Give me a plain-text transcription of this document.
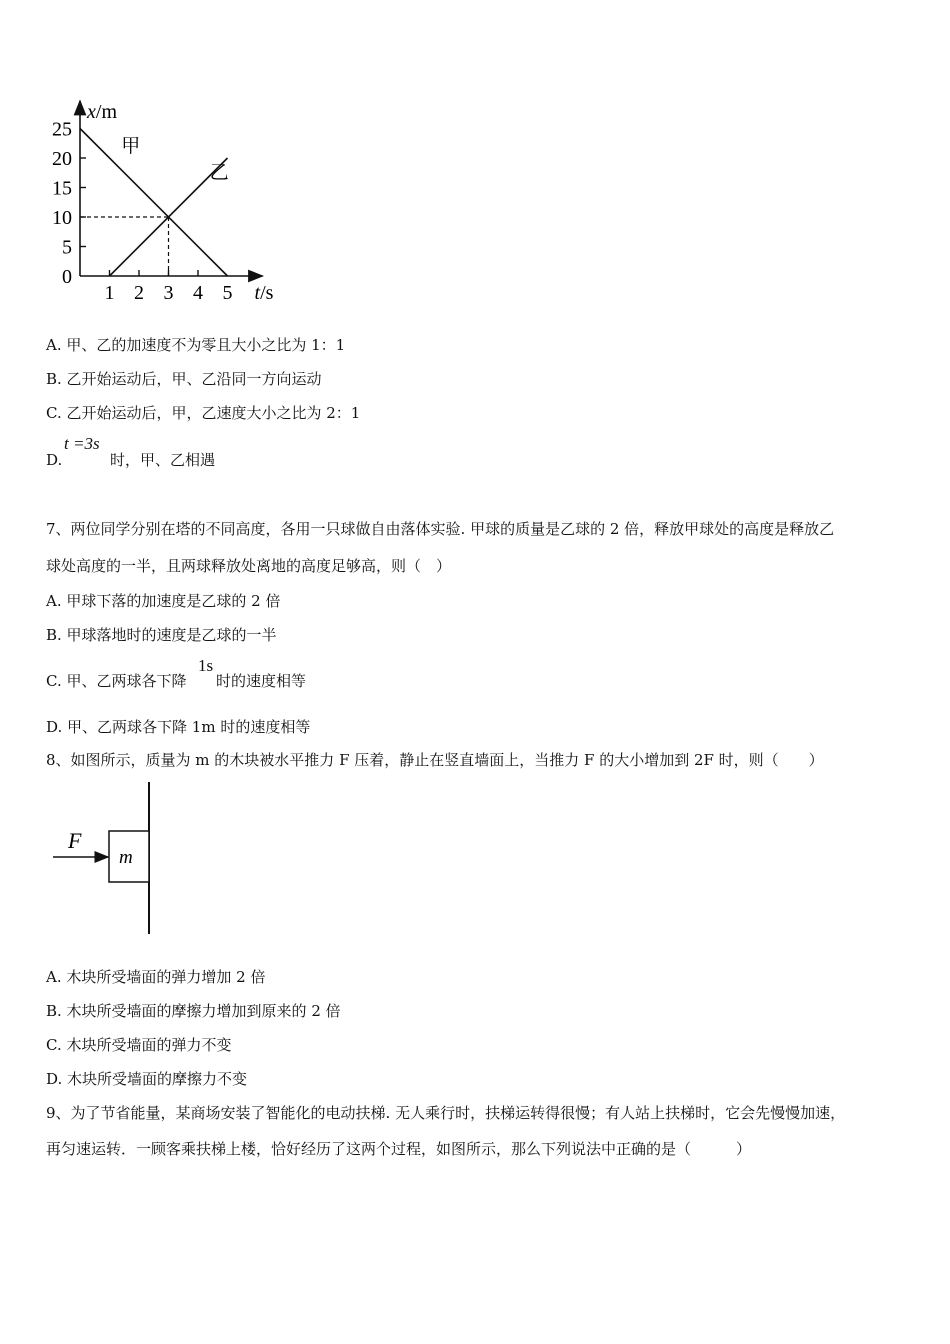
x/m
t/s
1 2 3 4 5
0
5
10
15
20
25
甲
乙
A. 甲、乙的加速度不为零且大小之比为 1：1
B. 乙开始运动后，甲、乙沿同一方向运动
C. 乙开始运动后，甲，乙速度大小之比为 2：1
D.
t =3s
时，甲、乙相遇
7、两位同学分别在塔的不同高度，各用一只球做自由落体实验. 甲球的质量是乙球的 2 倍，释放甲球处的高度是释放乙
球处高度的一半，且两球释放处离地的高度足够高，则（　）
A. 甲球下落的加速度是乙球的 2 倍
B. 甲球落地时的速度是乙球的一半
C. 甲、乙两球各下降
1s
时的速度相等
D. 甲、乙两球各下降 1m 时的速度相等
8、如图所示，质量为 m 的木块被水平推力 F 压着，静止在竖直墙面上，当推力 F 的大小增加到 2F 时，则（　　）
F
m
A. 木块所受墙面的弹力增加 2 倍
B. 木块所受墙面的摩擦力增加到原来的 2 倍
C. 木块所受墙面的弹力不变
D. 木块所受墙面的摩擦力不变
9、为了节省能量，某商场安装了智能化的电动扶梯. 无人乘行时，扶梯运转得很慢；有人站上扶梯时，它会先慢慢加速，
再匀速运转．一顾客乘扶梯上楼，恰好经历了这两个过程，如图所示，那么下列说法中正确的是（　　　）
